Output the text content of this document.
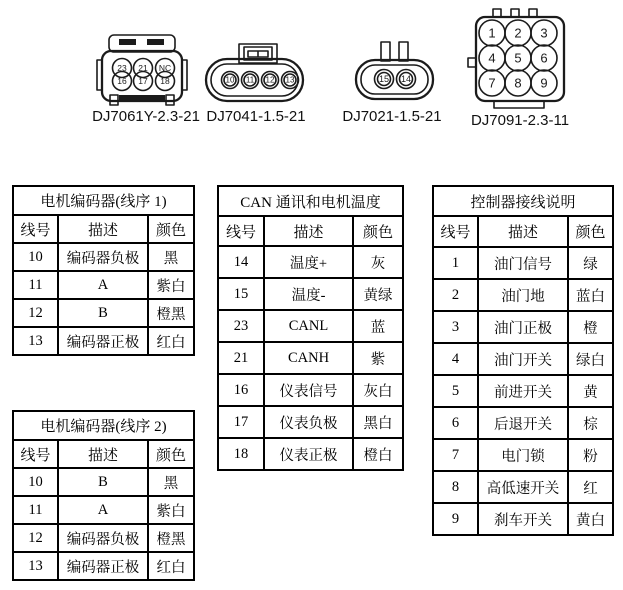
23 21 NC
16 17 18
DJ7061Y-2.3-21
10 11 12 13
DJ7041-1.5-21
15 14
DJ7021-1.5-21
1 2 3
4 5 6
7 8 9
DJ7091-2.3-11
电机编码器(线序 1)		
线号	描述	颜色
10	编码器负极	黑
11	A	紫白
12	B	橙黑
13	编码器正极	红白
电机编码器(线序 2)		
线号	描述	颜色
10	B	黑
11	A	紫白
12	编码器负极	橙黑
13	编码器正极	红白
CAN 通讯和电机温度		
线号	描述	颜色
14	温度+	灰
15	温度-	黄绿
23	CANL	蓝
21	CANH	紫
16	仪表信号	灰白
17	仪表负极	黑白
18	仪表正极	橙白
控制器接线说明		
线号	描述	颜色
1	油门信号	绿
2	油门地	蓝白
3	油门正极	橙
4	油门开关	绿白
5	前进开关	黄
6	后退开关	棕
7	电门锁	粉
8	高低速开关	红
9	刹车开关	黄白
